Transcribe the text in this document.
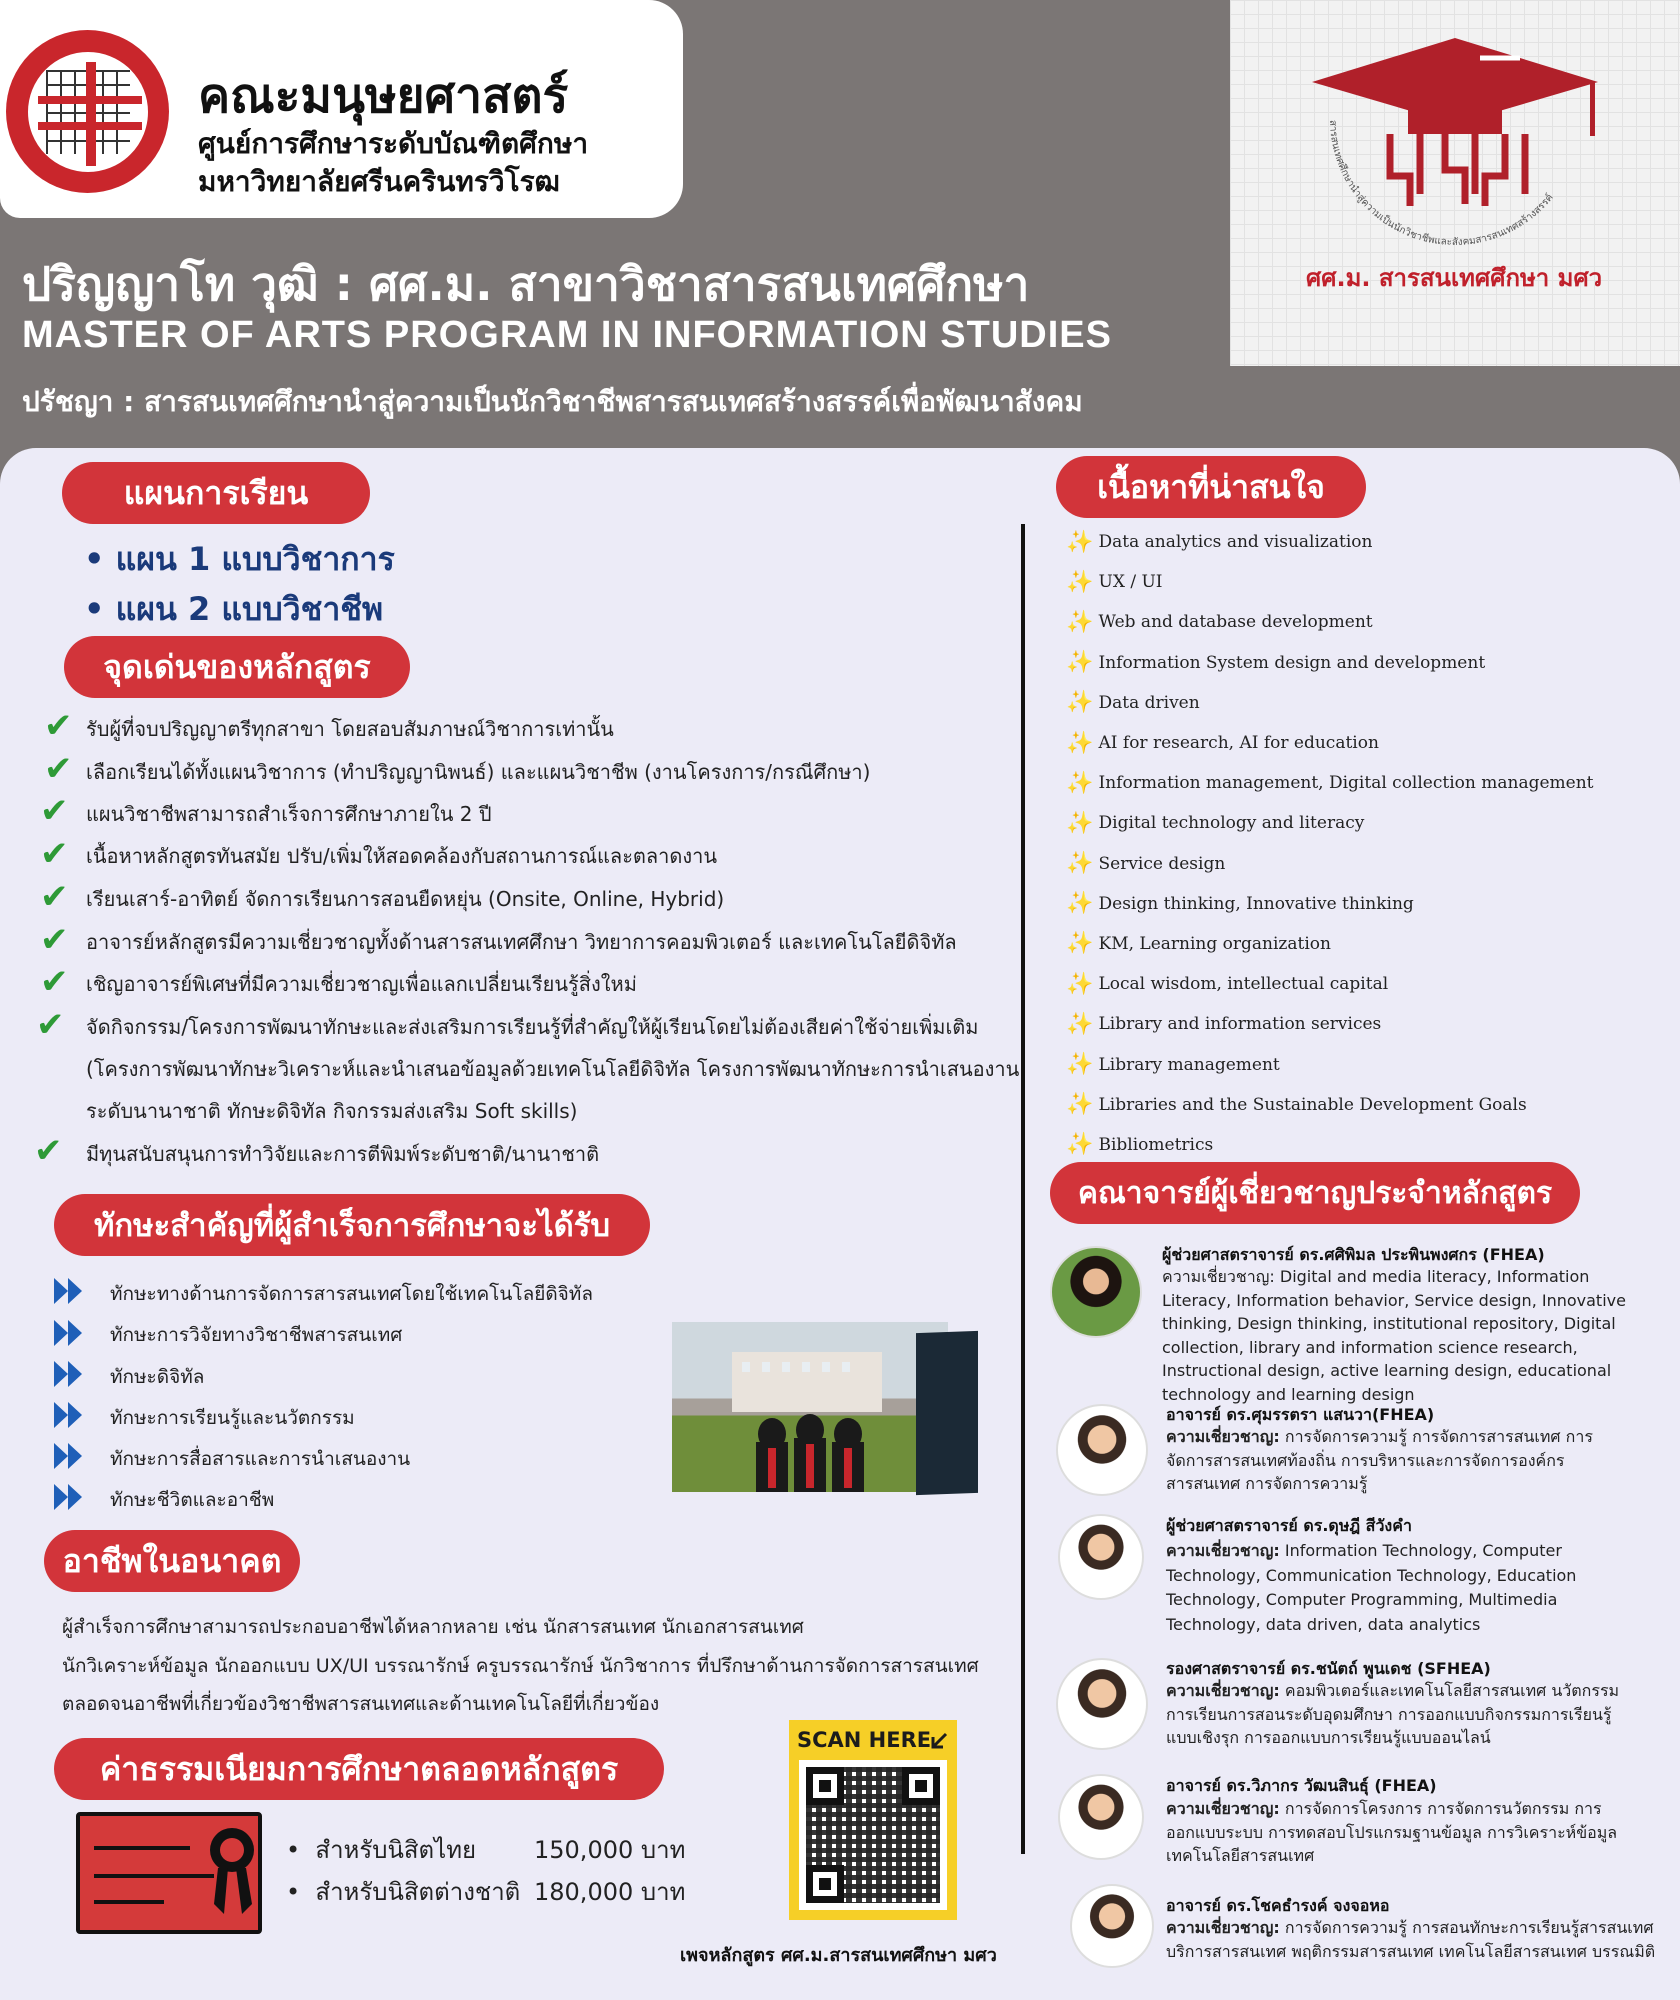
คณะมนุษยศาสตร์
ศูนย์การศึกษาระดับบัณฑิตศึกษา
มหาวิทยาลัยศรีนครินทรวิโรฒ
ปริญญาโท วุฒิ : ศศ.ม. สาขาวิชาสารสนเทศศึกษา
MASTER OF ARTS PROGRAM IN INFORMATION STUDIES
ปรัชญา : สารสนเทศศึกษานำสู่ความเป็นนักวิชาชีพสารสนเทศสร้างสรรค์เพื่อพัฒนาสังคม
สารสนเทศศึกษานำสู่ความเป็นนักวิชาชีพและสังคมสารสนเทศสร้างสรรค์
ศศ.ม. สารสนเทศศึกษา มศว
แผนการเรียน
• แผน 1 แบบวิชาการ
• แผน 2 แบบวิชาชีพ
จุดเด่นของหลักสูตร
✔ รับผู้ที่จบปริญญาตรีทุกสาขา โดยสอบสัมภาษณ์วิชาการเท่านั้น
✔ เลือกเรียนได้ทั้งแผนวิชาการ (ทำปริญญานิพนธ์) และแผนวิชาชีพ (งานโครงการ/กรณีศึกษา)
✔ แผนวิชาชีพสามารถสำเร็จการศึกษาภายใน 2 ปี
✔ เนื้อหาหลักสูตรทันสมัย ปรับ/เพิ่มให้สอดคล้องกับสถานการณ์และตลาดงาน
✔ เรียนเสาร์-อาทิตย์ จัดการเรียนการสอนยืดหยุ่น (Onsite, Online, Hybrid)
✔ อาจารย์หลักสูตรมีความเชี่ยวชาญทั้งด้านสารสนเทศศึกษา วิทยาการคอมพิวเตอร์ และเทคโนโลยีดิจิทัล
✔ เชิญอาจารย์พิเศษที่มีความเชี่ยวชาญเพื่อแลกเปลี่ยนเรียนรู้สิ่งใหม่
✔ จัดกิจกรรม/โครงการพัฒนาทักษะและส่งเสริมการเรียนรู้ที่สำคัญให้ผู้เรียนโดยไม่ต้องเสียค่าใช้จ่ายเพิ่มเติม
(โครงการพัฒนาทักษะวิเคราะห์และนำเสนอข้อมูลด้วยเทคโนโลยีดิจิทัล โครงการพัฒนาทักษะการนำเสนองาน
ระดับนานาชาติ ทักษะดิจิทัล กิจกรรมส่งเสริม Soft skills)
✔ มีทุนสนับสนุนการทำวิจัยและการตีพิมพ์ระดับชาติ/นานาชาติ
ทักษะสำคัญที่ผู้สำเร็จการศึกษาจะได้รับ
ทักษะทางด้านการจัดการสารสนเทศโดยใช้เทคโนโลยีดิจิทัล
ทักษะการวิจัยทางวิชาชีพสารสนเทศ
ทักษะดิจิทัล
ทักษะการเรียนรู้และนวัตกรรม
ทักษะการสื่อสารและการนำเสนองาน
ทักษะชีวิตและอาชีพ
อาชีพในอนาคต
ผู้สำเร็จการศึกษาสามารถประกอบอาชีพได้หลากหลาย เช่น นักสารสนเทศ นักเอกสารสนเทศ
นักวิเคราะห์ข้อมูล นักออกแบบ UX/UI บรรณารักษ์ ครูบรรณารักษ์ นักวิชาการ ที่ปรึกษาด้านการจัดการสารสนเทศ
ตลอดจนอาชีพที่เกี่ยวข้องวิชาชีพสารสนเทศและด้านเทคโนโลยีที่เกี่ยวข้อง
ค่าธรรมเนียมการศึกษาตลอดหลักสูตร
•  สำหรับนิสิตไทย 150,000 บาท
•  สำหรับนิสิตต่างชาติ 180,000 บาท
SCAN HERE
เพจหลักสูตร ศศ.ม.สารสนเทศศึกษา มศว
เนื้อหาที่น่าสนใจ
✨
Data analytics and visualization
✨
UX / UI
✨
Web and database development
✨
Information System design and development
✨
Data driven
✨
AI for research, AI for education
✨
Information management, Digital collection management
✨
Digital technology and literacy
✨
Service design
✨
Design thinking, Innovative thinking
✨
KM, Learning organization
✨
Local wisdom, intellectual capital
✨
Library and information services
✨
Library management
✨
Libraries and the Sustainable Development Goals
✨
Bibliometrics
คณาจารย์ผู้เชี่ยวชาญประจำหลักสูตร
ผู้ช่วยศาสตราจารย์ ดร.ศศิพิมล ประพินพงศกร (FHEA)
ความเชี่ยวชาญ: Digital and media literacy, Information Literacy, Information behavior, Service design, Innovative thinking, Design thinking, institutional repository, Digital collection, library and information science research, Instructional design, active learning design, educational technology and learning design
อาจารย์ ดร.ศุมรรตรา แสนวา(FHEA)
ความเชี่ยวชาญ: การจัดการความรู้ การจัดการสารสนเทศ การจัดการสารสนเทศท้องถิ่น การบริหารและการจัดการองค์กรสารสนเทศ การจัดการความรู้
ผู้ช่วยศาสตราจารย์ ดร.ดุษฎี สีวังคำ
ความเชี่ยวชาญ: Information Technology, Computer Technology, Communication Technology, Education Technology, Computer Programming, Multimedia Technology, data driven, data analytics
รองศาสตราจารย์ ดร.ชนัตถ์ พูนเดช (SFHEA)
ความเชี่ยวชาญ: คอมพิวเตอร์และเทคโนโลยีสารสนเทศ นวัตกรรมการเรียนการสอนระดับอุดมศึกษา การออกแบบกิจกรรมการเรียนรู้แบบเชิงรุก การออกแบบการเรียนรู้แบบออนไลน์
อาจารย์ ดร.วิภากร วัฒนสินธุ์ (FHEA)
ความเชี่ยวชาญ: การจัดการโครงการ การจัดการนวัตกรรม การออกแบบระบบ การทดสอบโปรแกรมฐานข้อมูล การวิเคราะห์ข้อมูล เทคโนโลยีสารสนเทศ
อาจารย์ ดร.โชคธำรงค์ จงจอหอ
ความเชี่ยวชาญ: การจัดการความรู้ การสอนทักษะการเรียนรู้สารสนเทศ บริการสารสนเทศ พฤติกรรมสารสนเทศ เทคโนโลยีสารสนเทศ บรรณมิติ
